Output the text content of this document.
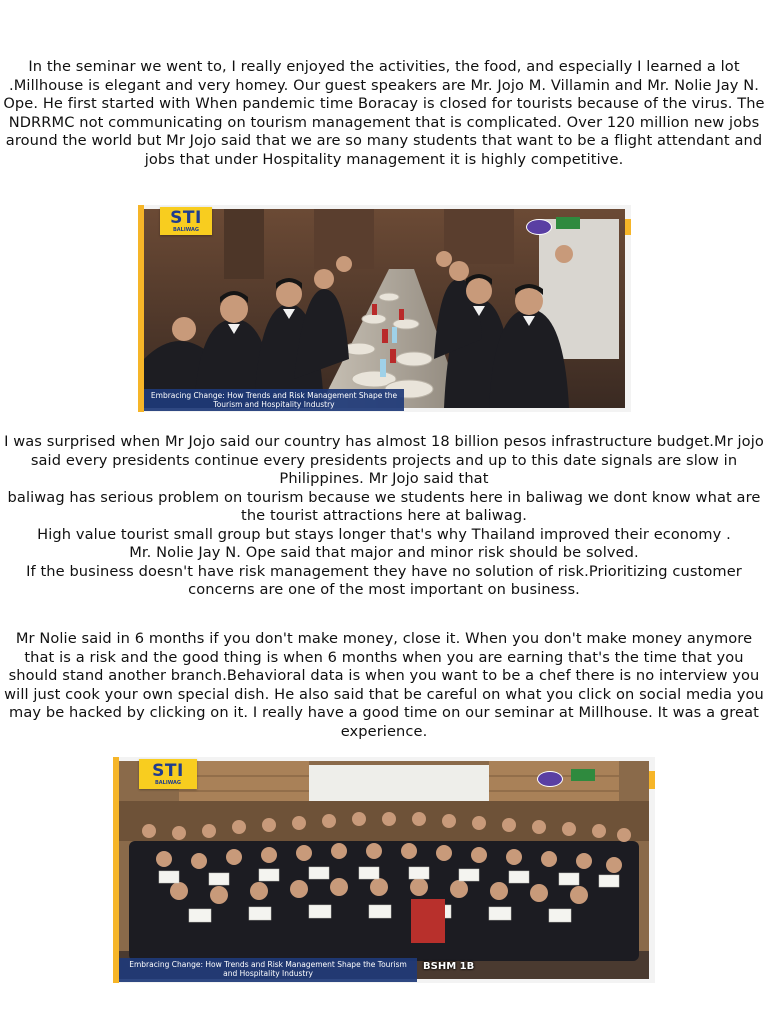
In the seminar we went to, I really enjoyed the activities, the food, and especially I learned a lot .Millhouse is elegant and very homey. Our guest speakers are Mr. Jojo M. Villamin and Mr. Nolie Jay N. Ope. He first started with When pandemic time Boracay is closed for tourists because of the virus. The NDRRMC not communicating on tourism management that is complicated. Over 120 million new jobs around the world but Mr Jojo said that we are so many students that want to be a flight attendant and jobs that under Hospitality management it is highly competitive.

STI
BALIWAG
Embracing Change: How Trends and Risk Management Shape the Tourism and Hospitality Industry

I was surprised when Mr Jojo said our country has almost 18 billion pesos infrastructure budget.Mr jojo said every presidents continue every presidents projects and up to this date signals are slow in Philippines. Mr Jojo said that

baliwag has serious problem on tourism because we students here in baliwag we dont know what are the tourist attractions here at baliwag.

High value tourist small group but stays longer that's why Thailand improved their economy .

Mr. Nolie Jay N. Ope said that major and minor risk should be solved.

If the business doesn't have risk management they have no solution of risk.Prioritizing customer concerns are one of the most important on business.

Mr Nolie said in 6 months if you don't make money, close it. When you don't make money anymore that is a risk and the good thing is when 6 months when you are earning that's the time that you should stand another branch.Behavioral data is when you want to be a chef there is no interview you will just cook your own special dish. He also said that be careful on what you click on social media you may be hacked by clicking on it. I really have a good time on our seminar at Millhouse. It was a great experience.

STI
BALIWAG
Embracing Change: How Trends and Risk Management Shape the Tourism and Hospitality Industry
BSHM 1B
